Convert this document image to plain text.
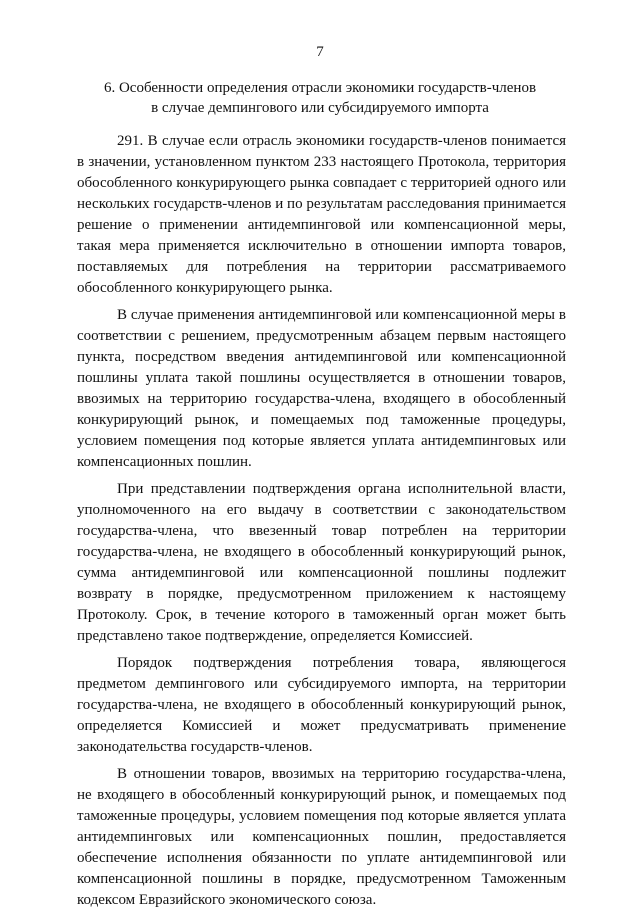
7
6. Особенности определения отрасли экономики государств-членов
в случае демпингового или субсидируемого импорта

291. В случае если отрасль экономики государств-членов понимается в значении, установленном пунктом 233 настоящего Протокола, территория обособленного конкурирующего рынка совпадает с территорией одного или нескольких государств-членов и по результатам расследования принимается решение о применении антидемпинговой или компенсационной меры, такая мера применяется исключительно в отношении импорта товаров, поставляемых для потребления на территории рассматриваемого обособленного конкурирующего рынка.

В случае применения антидемпинговой или компенсационной меры в соответствии с решением, предусмотренным абзацем первым настоящего пункта, посредством введения антидемпинговой или компенсационной пошлины уплата такой пошлины осуществляется в отношении товаров, ввозимых на территорию государства-члена, входящего в обособленный конкурирующий рынок, и помещаемых под таможенные процедуры, условием помещения под которые является уплата антидемпинговых или компенсационных пошлин.

При представлении подтверждения органа исполнительной власти, уполномоченного на его выдачу в соответствии с законодательством государства-члена, что ввезенный товар потреблен на территории государства-члена, не входящего в обособленный конкурирующий рынок, сумма антидемпинговой или компенсационной пошлины подлежит возврату в порядке, предусмотренном приложением к настоящему Протоколу. Срок, в течение которого в таможенный орган может быть представлено такое подтверждение, определяется Комиссией.

Порядок подтверждения потребления товара, являющегося предметом демпингового или субсидируемого импорта, на территории государства-члена, не входящего в обособленный конкурирующий рынок, определяется Комиссией и может предусматривать применение законодательства государств-членов.

В отношении товаров, ввозимых на территорию государства-члена, не входящего в обособленный конкурирующий рынок, и помещаемых под таможенные процедуры, условием помещения под которые является уплата антидемпинговых или компенсационных пошлин, предоставляется обеспечение исполнения обязанности по уплате антидемпинговой или компенсационной пошлины в порядке, предусмотренном Таможенным кодексом Евразийского экономического союза.
